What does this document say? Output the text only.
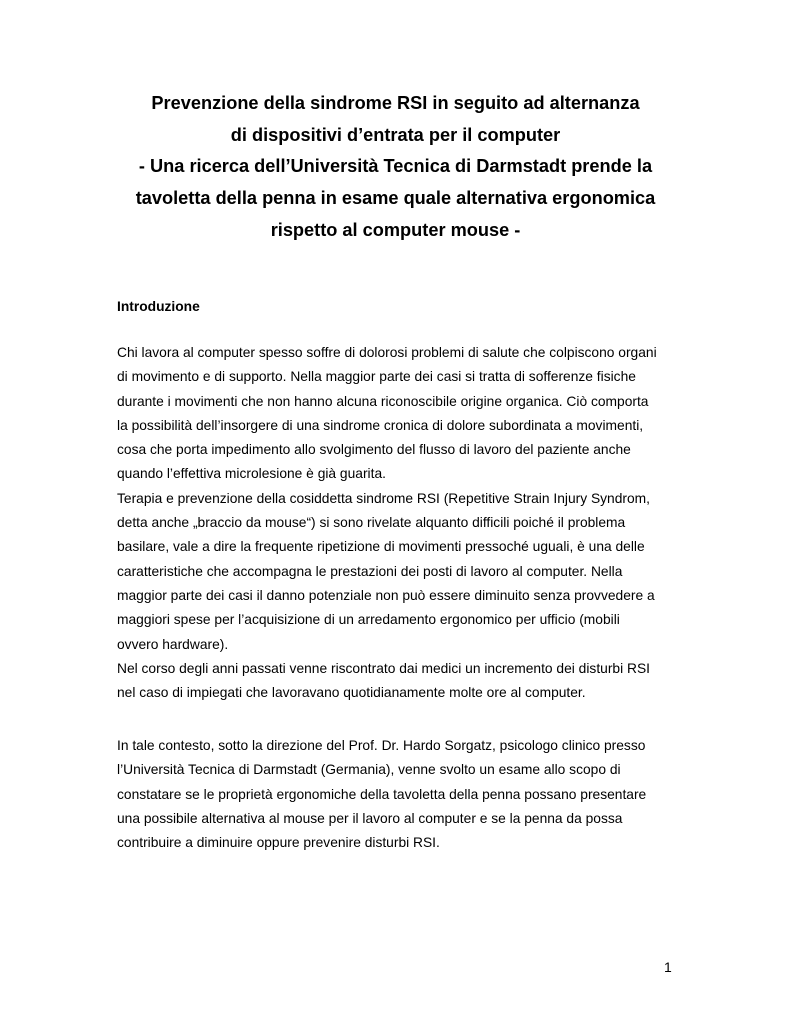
Prevenzione della sindrome RSI in seguito ad alternanza
di dispositivi d’entrata per il computer
- Una ricerca dell’Università Tecnica di Darmstadt prende la
tavoletta della penna in esame quale alternativa ergonomica
rispetto al computer mouse -
Introduzione
Chi lavora al computer spesso soffre di dolorosi problemi di salute che colpiscono organi
di movimento e di supporto. Nella maggior parte dei casi si tratta di sofferenze fisiche
durante i movimenti che non hanno alcuna riconoscibile origine organica. Ciò comporta
la possibilità dell’insorgere di una sindrome cronica di dolore subordinata a movimenti,
cosa che porta impedimento allo svolgimento del flusso di lavoro del paziente anche
quando l’effettiva microlesione è già guarita.
Terapia e prevenzione della cosiddetta sindrome RSI (Repetitive Strain Injury Syndrom,
detta anche „braccio da mouse“) si sono rivelate alquanto difficili poiché il problema
basilare, vale a dire la frequente ripetizione di movimenti pressoché uguali, è una delle
caratteristiche che accompagna le prestazioni dei posti di lavoro al computer. Nella
maggior parte dei casi il danno potenziale non può essere diminuito senza provvedere a
maggiori spese per l’acquisizione di un arredamento ergonomico per ufficio (mobili
ovvero hardware).
Nel corso degli anni passati venne riscontrato dai medici un incremento dei disturbi RSI
nel caso di impiegati che lavoravano quotidianamente molte ore al computer.
In tale contesto, sotto la direzione del Prof. Dr. Hardo Sorgatz, psicologo clinico presso
l’Università Tecnica di Darmstadt (Germania), venne svolto un esame allo scopo di
constatare se le proprietà ergonomiche della tavoletta della penna possano presentare
una possibile alternativa al mouse per il lavoro al computer e se la penna da possa
contribuire a diminuire oppure prevenire disturbi RSI.
1
